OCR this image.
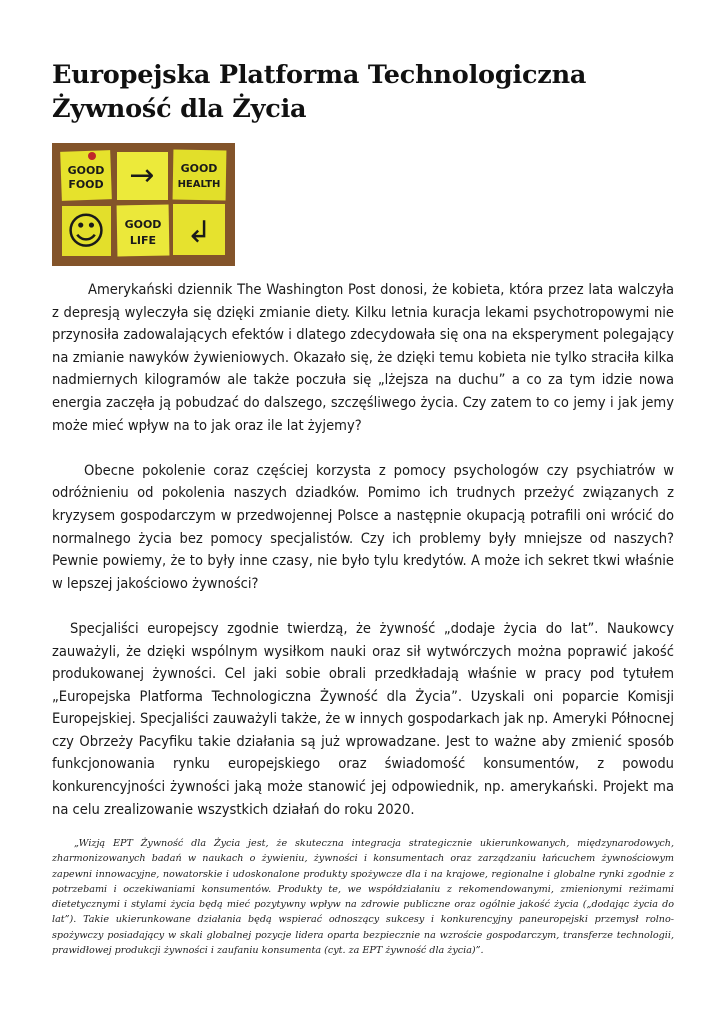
Europejska Platforma Technologiczna
Żywność dla Życia
GOOD
FOOD → GOOD
HEALTH
☺ GOOD
LIFE ↲

Amerykański dziennik The Washington Post donosi, że kobieta, która przez lata walczyła z depresją wyleczyła się dzięki zmianie diety. Kilku letnia kuracja lekami psychotropowymi nie przynosiła zadowalających efektów i dlatego zdecydowała się ona na eksperyment polegający na zmianie nawyków żywieniowych. Okazało się, że dzięki temu kobieta nie tylko straciła kilka nadmiernych kilogramów ale także poczuła się „lżejsza na duchu” a co za tym idzie nowa energia zaczęła ją pobudzać do dalszego, szczęśliwego życia. Czy zatem to co jemy i jak jemy może mieć wpływ na to jak oraz ile lat żyjemy?

Obecne pokolenie coraz częściej korzysta z pomocy psychologów czy psychiatrów w odróżnieniu od pokolenia naszych dziadków. Pomimo ich trudnych przeżyć związanych z kryzysem gospodarczym w przedwojennej Polsce a następnie okupacją potrafili oni wrócić do normalnego życia bez pomocy specjalistów. Czy ich problemy były mniejsze od naszych? Pewnie powiemy, że to były inne czasy, nie było tylu kredytów. A może ich sekret tkwi właśnie w lepszej jakościowo żywności?

Specjaliści europejscy zgodnie twierdzą, że żywność „dodaje życia do lat”. Naukowcy zauważyli, że dzięki wspólnym wysiłkom nauki oraz sił wytwórczych można poprawić jakość produkowanej żywności. Cel jaki sobie obrali przedkładają właśnie w pracy pod tytułem „Europejska Platforma Technologiczna Żywność dla Życia”. Uzyskali oni poparcie Komisji Europejskiej. Specjaliści zauważyli także, że w innych gospodarkach jak np. Ameryki Północnej czy Obrzeży Pacyfiku takie działania są już wprowadzane. Jest to ważne aby zmienić sposób funkcjonowania rynku europejskiego oraz świadomość konsumentów, z powodu konkurencyjności żywności jaką może stanowić jej odpowiednik, np. amerykański. Projekt ma na celu zrealizowanie wszystkich działań do roku 2020.

„Wizją EPT Żywność dla Życia jest, że skuteczna integracja strategicznie ukierunkowanych, międzynarodowych, zharmonizowanych badań w naukach o żywieniu, żywności i konsumentach oraz zarządzaniu łańcuchem żywnościowym zapewni innowacyjne, nowatorskie i udoskonalone produkty spożywcze dla i na krajowe, regionalne i globalne rynki zgodnie z potrzebami i oczekiwaniami konsumentów. Produkty te, we współdziałaniu z rekomendowanymi, zmienionymi reżimami dietetycznymi i stylami życia będą mieć pozytywny wpływ na zdrowie publiczne oraz ogólnie jakość życia („dodając życia do lat”). Takie ukierunkowane działania będą wspierać odnoszący sukcesy i konkurencyjny paneuropejski przemysł rolno- spożywczy posiadający w skali globalnej pozycje lidera oparta bezpiecznie na wzroście gospodarczym, transferze technologii, prawidłowej produkcji żywności i zaufaniu konsumenta (cyt. za EPT żywność dla życia)”.
